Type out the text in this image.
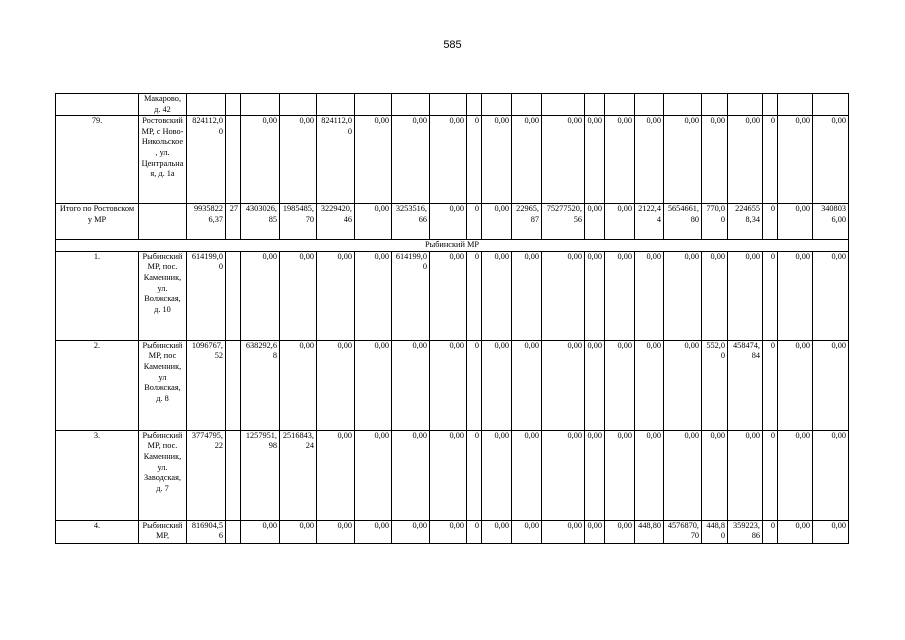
585
	Макарово, д. 42																					
79.	Ростовский МР, с Ново-Никольское, ул. Центральная, д. 1а	824112,00		0,00	0,00	824112,00	0,00	0,00	0,00	0	0,00	0,00	0,00	0,00	0,00	0,00	0,00	0,00	0,00	0	0,00	0,00
Итого по Ростовскому МР		99358226,37	27	4303026,85	1985485,70	3229420,46	0,00	3253516,66	0,00	0	0,00	22965,87	75277520,56	0,00	0,00	2122,44	5654661,80	770,00	2246558,34	0	0,00	3408036,00
Рыбинский МР																						
1.	Рыбинский МР, пос. Каменник, ул. Волжская, д. 10	614199,00		0,00	0,00	0,00	0,00	614199,00	0,00	0	0,00	0,00	0,00	0,00	0,00	0,00	0,00	0,00	0,00	0	0,00	0,00
2.	Рыбинский МР, пос Каменник, ул Волжская, д. 8	1096767,52		638292,68	0,00	0,00	0,00	0,00	0,00	0	0,00	0,00	0,00	0,00	0,00	0,00	0,00	552,00	458474,84	0	0,00	0,00
3.	Рыбинский МР, пос. Каменник, ул. Заводская, д. 7	3774795,22		1257951,98	2516843,24	0,00	0,00	0,00	0,00	0	0,00	0,00	0,00	0,00	0,00	0,00	0,00	0,00	0,00	0	0,00	0,00
4.	Рыбинский МР,	816904,56		0,00	0,00	0,00	0,00	0,00	0,00	0	0,00	0,00	0,00	0,00	0,00	448,80	4576870,70	448,80	359223,86	0	0,00	0,00
